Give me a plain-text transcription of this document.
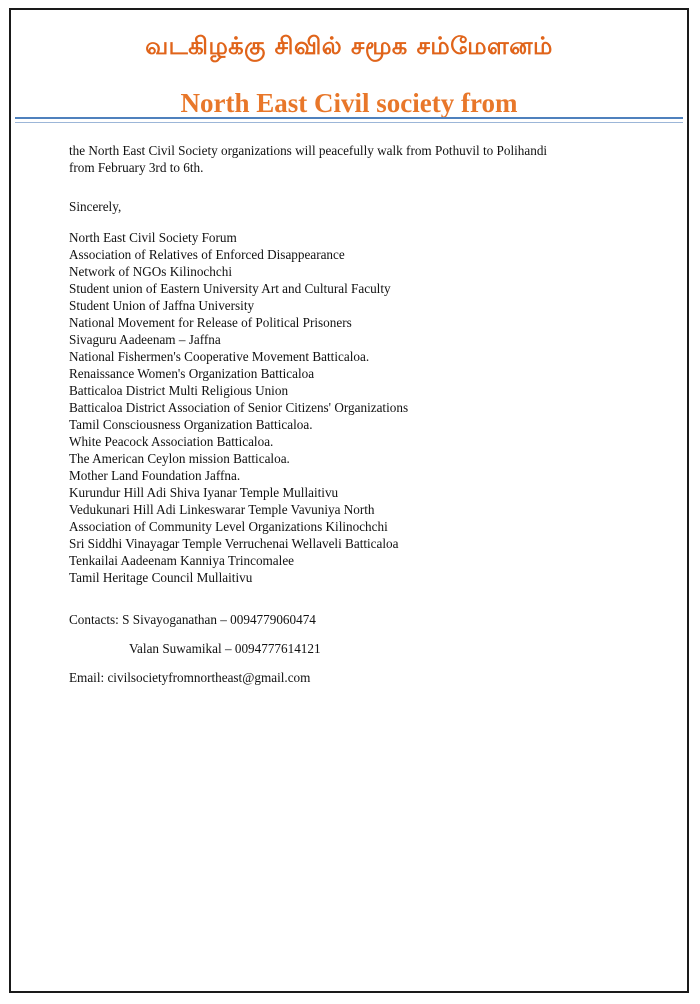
வடகிழக்கு சிவில் சமூக சம்மேளனம்
North East Civil society from

the North East Civil Society organizations will peacefully walk from Pothuvil to Polihandi

from February 3rd to 6th.

Sincerely,

North East Civil Society Forum
Association of Relatives of Enforced Disappearance
Network of NGOs Kilinochchi
Student union of Eastern University Art and Cultural Faculty
Student Union of Jaffna University
National Movement for Release of Political Prisoners
Sivaguru Aadeenam – Jaffna
National Fishermen's Cooperative Movement Batticaloa.
Renaissance Women's Organization Batticaloa
Batticaloa District Multi Religious Union
Batticaloa District Association of Senior Citizens' Organizations
Tamil Consciousness Organization Batticaloa.
White Peacock Association Batticaloa.
The American Ceylon mission Batticaloa.
Mother Land Foundation Jaffna.
Kurundur Hill Adi Shiva Iyanar Temple Mullaitivu
Vedukunari Hill Adi Linkeswarar Temple Vavuniya North
Association of Community Level Organizations Kilinochchi
Sri Siddhi Vinayagar Temple Verruchenai Wellaveli Batticaloa
Tenkailai Aadeenam Kanniya Trincomalee
Tamil Heritage Council Mullaitivu

Contacts: S Sivayoganathan – 0094779060474

Valan Suwamikal – 0094777614121

Email: civilsocietyfromnortheast@gmail.com
